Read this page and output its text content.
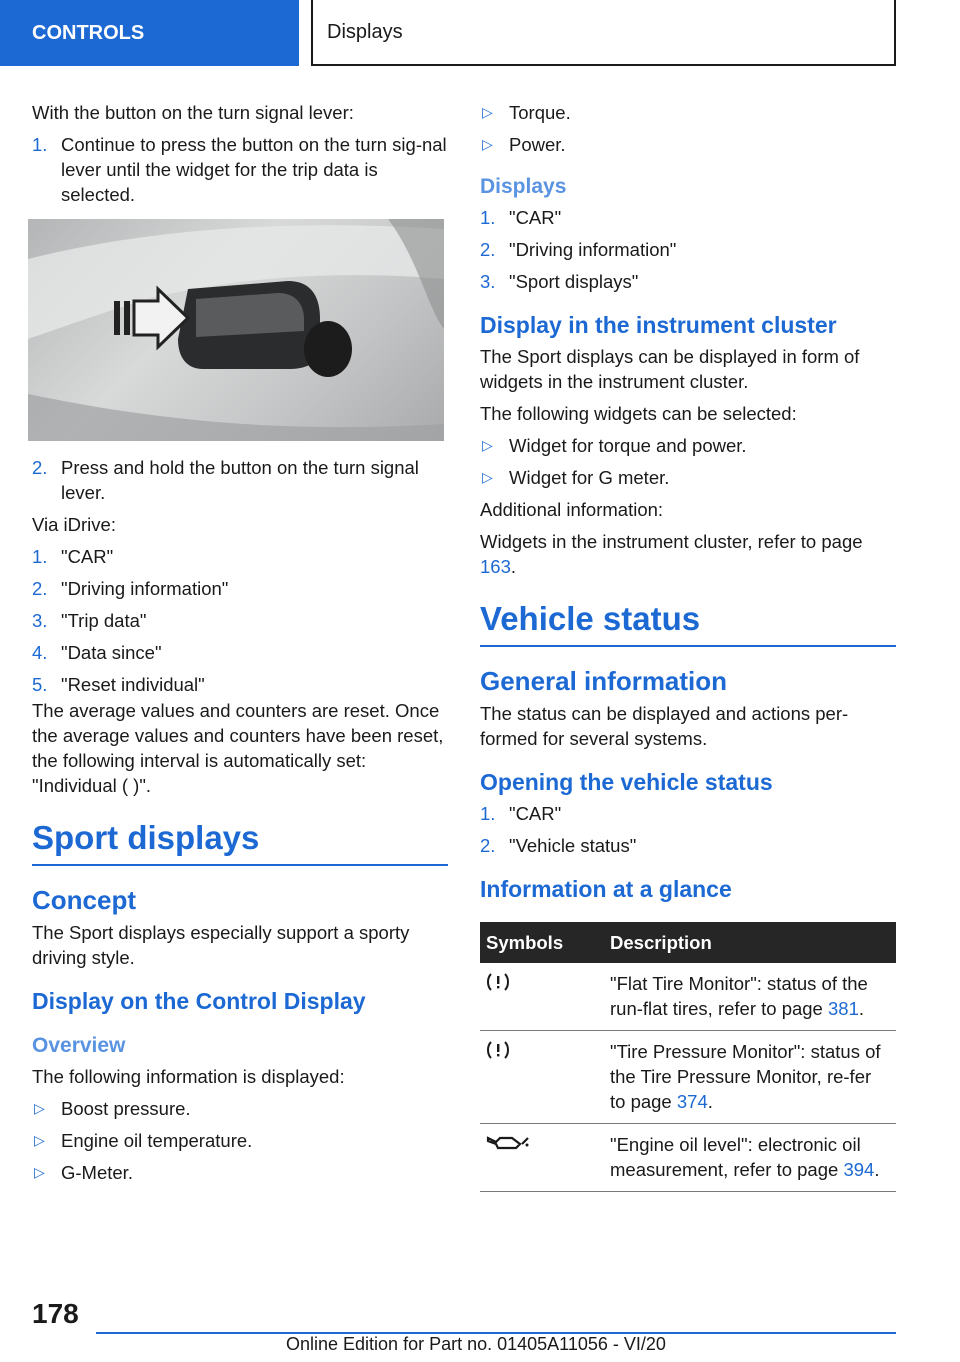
CONTROLS	Displays

With the button on the turn signal lever:

1. Continue to press the button on the turn sig‐nal lever until the widget for the trip data is selected.
2. Press and hold the button on the turn signal lever.

Via iDrive:

1. "CAR"
2. "Driving information"
3. "Trip data"
4. "Data since"
5. "Reset individual"

The average values and counters are reset. Once the average values and counters have been reset, the following interval is automatically set: "Individual ( )".

Sport displays
Concept

The Sport displays especially support a sporty driving style.

Display on the Control Display
Overview

The following information is displayed:

▷ Boost pressure.
▷ Engine oil temperature.
▷ G-Meter.
▷ Torque.
▷ Power.
Displays
1. "CAR"
2. "Driving information"
3. "Sport displays"
Display in the instrument cluster

The Sport displays can be displayed in form of widgets in the instrument cluster.

The following widgets can be selected:

▷ Widget for torque and power.
▷ Widget for G meter.

Additional information:

Widgets in the instrument cluster, refer to page 163.

Vehicle status
General information

The status can be displayed and actions per‐formed for several systems.

Opening the vehicle status
1. "CAR"
2. "Vehicle status"
Information at a glance
Symbols	Description
	"Flat Tire Monitor": status of the run-flat tires, refer to page 381.
	"Tire Pressure Monitor": status of the Tire Pressure Monitor, re‐fer to page 374.
	"Engine oil level": electronic oil measurement, refer to page 394.
178
Online Edition for Part no. 01405A11056 - VI/20
